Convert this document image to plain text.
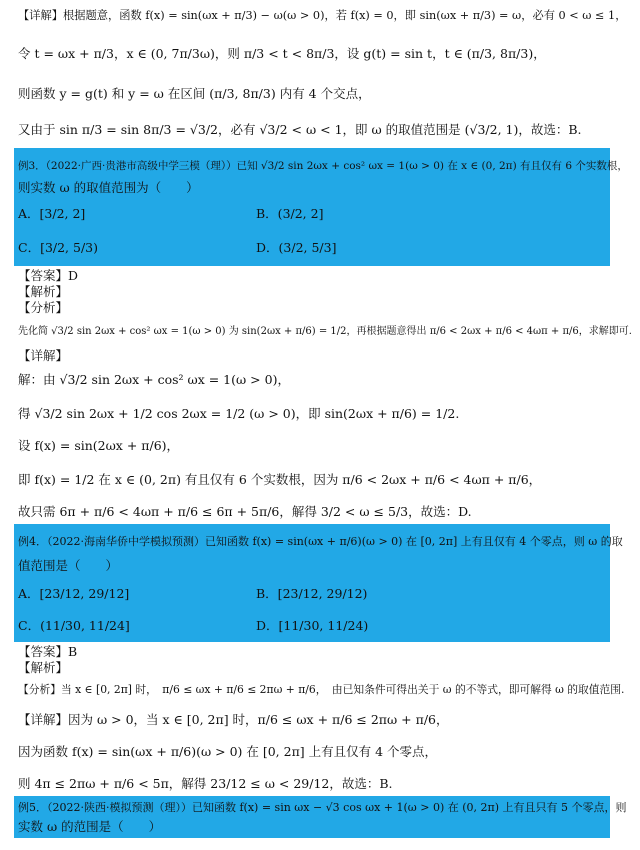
【详解】根据题意，函数 f(x) = sin(ωx + π/3) − ω(ω > 0)，若 f(x) = 0，即 sin(ωx + π/3) = ω，必有 0 < ω ≤ 1，
令 t = ωx + π/3，x ∈ (0, 7π/3ω)，则 π/3 < t < 8π/3，设 g(t) = sin t，t ∈ (π/3, 8π/3)，
则函数 y = g(t) 和 y = ω 在区间 (π/3, 8π/3) 内有 4 个交点，
又由于 sin π/3 = sin 8π/3 = √3/2，必有 √3/2 < ω < 1，即 ω 的取值范围是 (√3/2, 1)，故选：B.
例3．（2022·广西·贵港市高级中学三模（理））已知 √3/2 sin 2ωx + cos² ωx = 1(ω > 0) 在 x ∈ (0, 2π) 有且仅有 6 个实数根，
则实数 ω 的取值范围为（　　）
A．[3/2, 2]	B．(3/2, 2]
C．[3/2, 5/3)	D．(3/2, 5/3]
【答案】D
【解析】
【分析】
先化简 √3/2 sin 2ωx + cos² ωx = 1(ω > 0) 为 sin(2ωx + π/6) = 1/2，再根据题意得出 π/6 < 2ωx + π/6 < 4ωπ + π/6，求解即可.
【详解】
解：由 √3/2 sin 2ωx + cos² ωx = 1(ω > 0)，
得 √3/2 sin 2ωx + 1/2 cos 2ωx = 1/2 (ω > 0)，即 sin(2ωx + π/6) = 1/2.
设 f(x) = sin(2ωx + π/6)，
即 f(x) = 1/2 在 x ∈ (0, 2π) 有且仅有 6 个实数根，因为 π/6 < 2ωx + π/6 < 4ωπ + π/6，
故只需 6π + π/6 < 4ωπ + π/6 ≤ 6π + 5π/6，解得 3/2 < ω ≤ 5/3，故选：D.
例4．（2022·海南华侨中学模拟预测）已知函数 f(x) = sin(ωx + π/6)(ω > 0) 在 [0, 2π] 上有且仅有 4 个零点，则 ω 的取
值范围是（　　）
A．[23/12, 29/12]	B．[23/12, 29/12)
C．(11/30, 11/24]	D．[11/30, 11/24)
【答案】B
【解析】
【分析】当 x ∈ [0, 2π] 时，　π/6 ≤ ωx + π/6 ≤ 2πω + π/6，　由已知条件可得出关于 ω 的不等式，即可解得 ω 的取值范围.
【详解】因为 ω > 0，当 x ∈ [0, 2π] 时，π/6 ≤ ωx + π/6 ≤ 2πω + π/6，
因为函数 f(x) = sin(ωx + π/6)(ω > 0) 在 [0, 2π] 上有且仅有 4 个零点，
则 4π ≤ 2πω + π/6 < 5π，解得 23/12 ≤ ω < 29/12，故选：B.
例5．（2022·陕西·模拟预测（理））已知函数 f(x) = sin ωx − √3 cos ωx + 1(ω > 0) 在 (0, 2π) 上有且只有 5 个零点，则
实数 ω 的范围是（　　）
